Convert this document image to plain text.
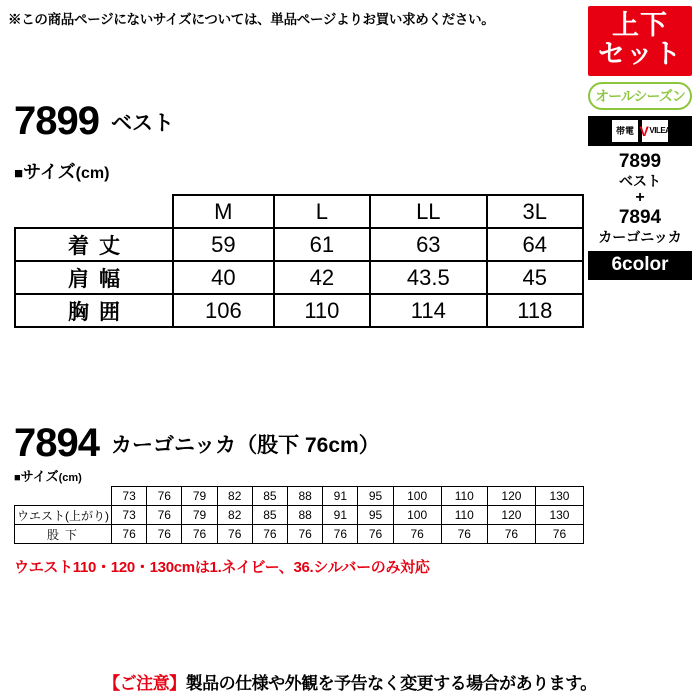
※この商品ページにないサイズについては、単品ページよりお買い求めください。	上下
セット
オールシーズン
帯電 V VILEA
7899
ベスト
+
7894
カーゴニッカ
6color
7899 ベスト
■サイズ(cm)
	M	L	LL	3L
着丈	59	61	63	64
肩幅	40	42	43.5	45
胸囲	106	110	114	118
7894 カーゴニッカ（股下 76cm）
■サイズ(cm)
	73	76	79	82	85	88	91	95	100	110	120	130
ウエスト(上がり)	73	76	79	82	85	88	91	95	100	110	120	130
股下	76	76	76	76	76	76	76	76	76	76	76	76
ウエスト110・120・130cmは1.ネイビー、36.シルバーのみ対応
【ご注意】製品の仕様や外観を予告なく変更する場合があります。
